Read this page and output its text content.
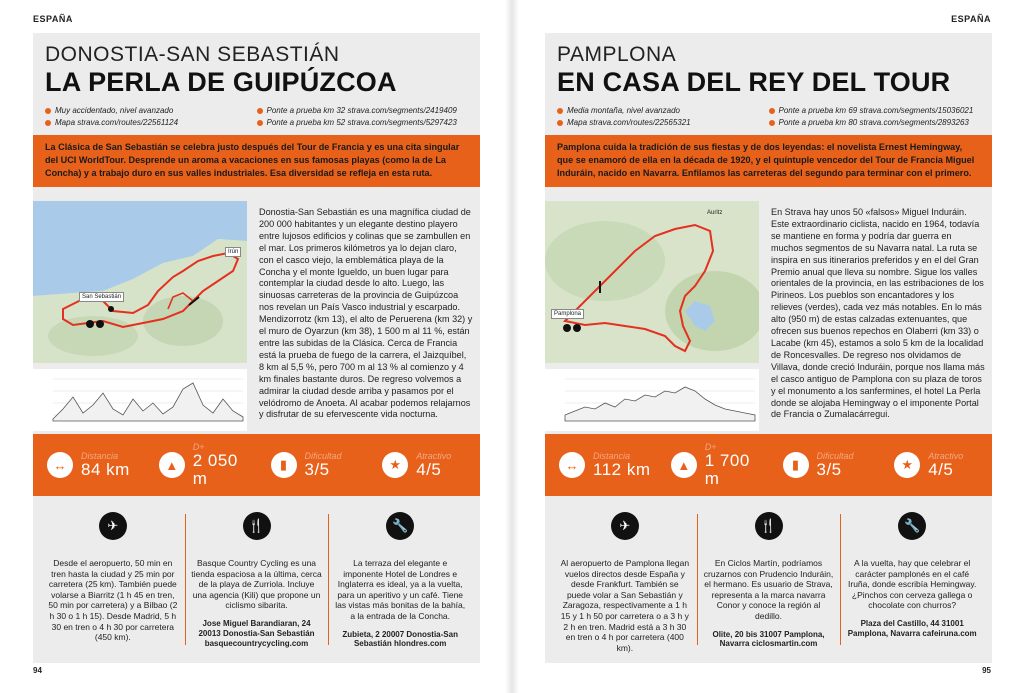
ESPAÑA
DONOSTIA-SAN SEBASTIÁN
LA PERLA DE GUIPÚZCOA
Muy accidentado, nivel avanzado	Ponte a prueba km 32 strava.com/segments/2419409
Mapa strava.com/routes/22561124	Ponte a prueba km 52 strava.com/segments/5297423
La Clásica de San Sebastián se celebra justo después del Tour de Francia y es una cita singular del UCI WorldTour. Desprende un aroma a vacaciones en sus famosas playas (como la de La Concha) y a trabajo duro en sus valles industriales. Esa diversidad se refleja en esta ruta.
San Sebastián
Irún
Donostia-San Sebastián es una magnífica ciudad de 200 000 habitantes y un elegante destino playero entre lujosos edificios y colinas que se zambullen en el mar. Los primeros kilómetros ya lo dejan claro, con el casco viejo, la emblemática playa de la Concha y el monte Igueldo, un buen lugar para contemplar la ciudad desde lo alto. Luego, las sinuosas carreteras de la provincia de Guipúzcoa nos revelan un País Vasco industrial y escarpado. Mendizorrotz (km 13), el alto de Peruerena (km 32) y el muro de Oyarzun (km 38), 1 500 m al 11 %, están entre las subidas de la Clásica. Cerca de Francia está la prueba de fuego de la carrera, el Jaizquíbel, 8 km al 5,5 %, pero 700 m al 13 % al comienzo y 4 km finales bastante duros. De regreso volvemos a admirar la ciudad desde arriba y pasamos por el velódromo de Anoeta. Al acabar podemos relajarnos y disfrutar de su efervescente vida nocturna.
↔
Distancia
84 km	▲
D+
2 050 m
▮
Dificultad
3/5	★
Atractivo
4/5
✈
Desde el aeropuerto, 50 min en tren hasta la ciudad y 25 min por carretera (25 km). También puede volarse a Biarritz (1 h 45 en tren, 50 min por carretera) y a Bilbao (2 h 30 o 1 h 15). Desde Madrid, 5 h 30 en tren o 4 h 30 por carretera (450 km).
🍴
Basque Country Cycling es una tienda espaciosa a la última, cerca de la playa de Zurriola. Incluye una agencia (Kili) que propone un ciclismo sibarita.
Jose Miguel Barandiaran, 24 20013 Donostia-San Sebastián basquecountrycycling.com
🔧
La terraza del elegante e imponente Hotel de Londres e Inglaterra es ideal, ya a la vuelta, para un aperitivo y un café. Tiene las vistas más bonitas de la bahía, a la entrada de la Concha.
Zubieta, 2 20007 Donostia-San Sebastián hlondres.com
94
ESPAÑA
PAMPLONA
EN CASA DEL REY DEL TOUR
Media montaña, nivel avanzado	Ponte a prueba km 69 strava.com/segments/15036021
Mapa strava.com/routes/22565321	Ponte a prueba km 80 strava.com/segments/2893263
Pamplona cuida la tradición de sus fiestas y de dos leyendas: el novelista Ernest Hemingway, que se enamoró de ella en la década de 1920, y el quíntuple vencedor del Tour de Francia Miguel Induráin, nacido en Navarra. Enfilamos las carreteras del segundo para terminar con el primero.
Pamplona
Auritz	En Strava hay unos 50 «falsos» Miguel Induráin. Este extraordinario ciclista, nacido en 1964, todavía se mantiene en forma y podría dar guerra en muchos segmentos de su Navarra natal. La ruta se inspira en sus itinerarios preferidos y en el del Gran Premio anual que lleva su nombre. Sigue los valles orientales de la provincia, en las estribaciones de los Pirineos. Los pueblos son encantadores y los relieves (verdes), cada vez más notables. En lo más alto (950 m) de estas calzadas extenuantes, que ofrecen sus buenos repechos en Olaberri (km 33) o Lacabe (km 45), estamos a solo 5 km de la localidad de Roncesvalles. De regreso nos olvidamos de Villava, donde creció Induráin, porque nos llama más el casco antiguo de Pamplona con su plaza de toros y el monumento a los sanfermines, el hotel La Perla donde se alojaba Hemingway o el imponente Portal de Francia o Zumalacárregui.
↔
Distancia
112 km	▲
D+
1 700 m
▮
Dificultad
3/5	★
Atractivo
4/5
✈
Al aeropuerto de Pamplona llegan vuelos directos desde España y desde Frankfurt. También se puede volar a San Sebastián y Zaragoza, respectivamente a 1 h 15 y 1 h 50 por carretera o a 3 h y 2 h en tren. Madrid está a 3 h 30 en tren o 4 h por carretera (400 km).
🍴
En Ciclos Martín, podríamos cruzarnos con Prudencio Induráin, el hermano. Es usuario de Strava, representa a la marca navarra Conor y conoce la región al dedillo.
Olite, 20 bis 31007 Pamplona, Navarra ciclosmartin.com
🔧
A la vuelta, hay que celebrar el carácter pamplonés en el café Iruña, donde escribía Hemingway. ¿Pinchos con cerveza gallega o chocolate con churros?
Plaza del Castillo, 44 31001 Pamplona, Navarra cafeiruna.com
95
